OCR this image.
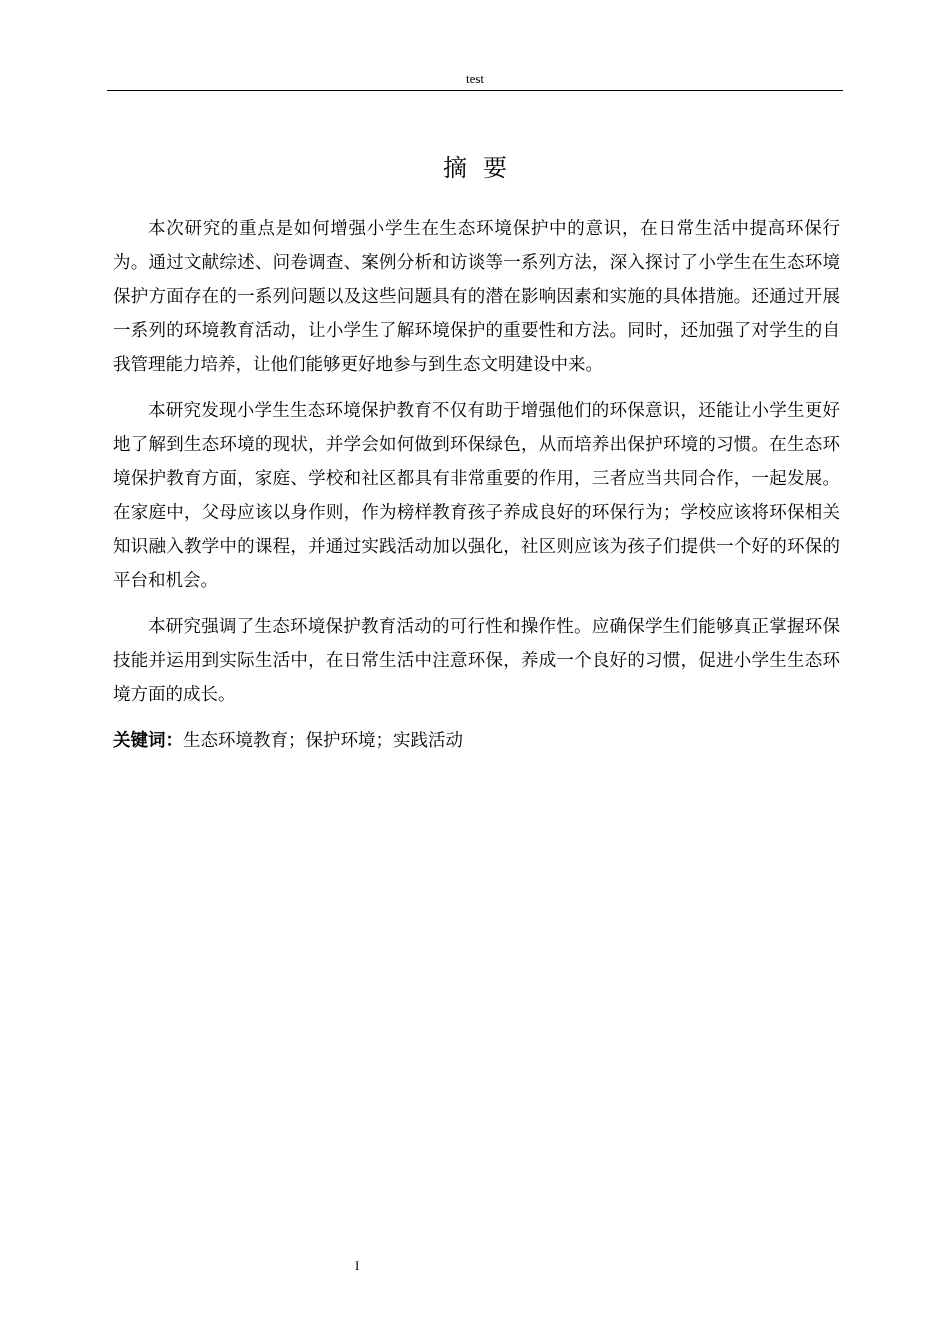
test
摘要

本次研究的重点是如何增强小学生在生态环境保护中的意识，在日常生活中提高环保行为。通过文献综述、问卷调查、案例分析和访谈等一系列方法，深入探讨了小学生在生态环境保护方面存在的一系列问题以及这些问题具有的潜在影响因素和实施的具体措施。还通过开展一系列的环境教育活动，让小学生了解环境保护的重要性和方法。同时，还加强了对学生的自我管理能力培养，让他们能够更好地参与到生态文明建设中来。

本研究发现小学生生态环境保护教育不仅有助于增强他们的环保意识，还能让小学生更好地了解到生态环境的现状，并学会如何做到环保绿色，从而培养出保护环境的习惯。在生态环境保护教育方面，家庭、学校和社区都具有非常重要的作用，三者应当共同合作，一起发展。在家庭中，父母应该以身作则，作为榜样教育孩子养成良好的环保行为；学校应该将环保相关知识融入教学中的课程，并通过实践活动加以强化，社区则应该为孩子们提供一个好的环保的平台和机会。

本研究强调了生态环境保护教育活动的可行性和操作性。应确保学生们能够真正掌握环保技能并运用到实际生活中，在日常生活中注意环保，养成一个良好的习惯，促进小学生生态环境方面的成长。

关键词：生态环境教育；保护环境；实践活动

I
